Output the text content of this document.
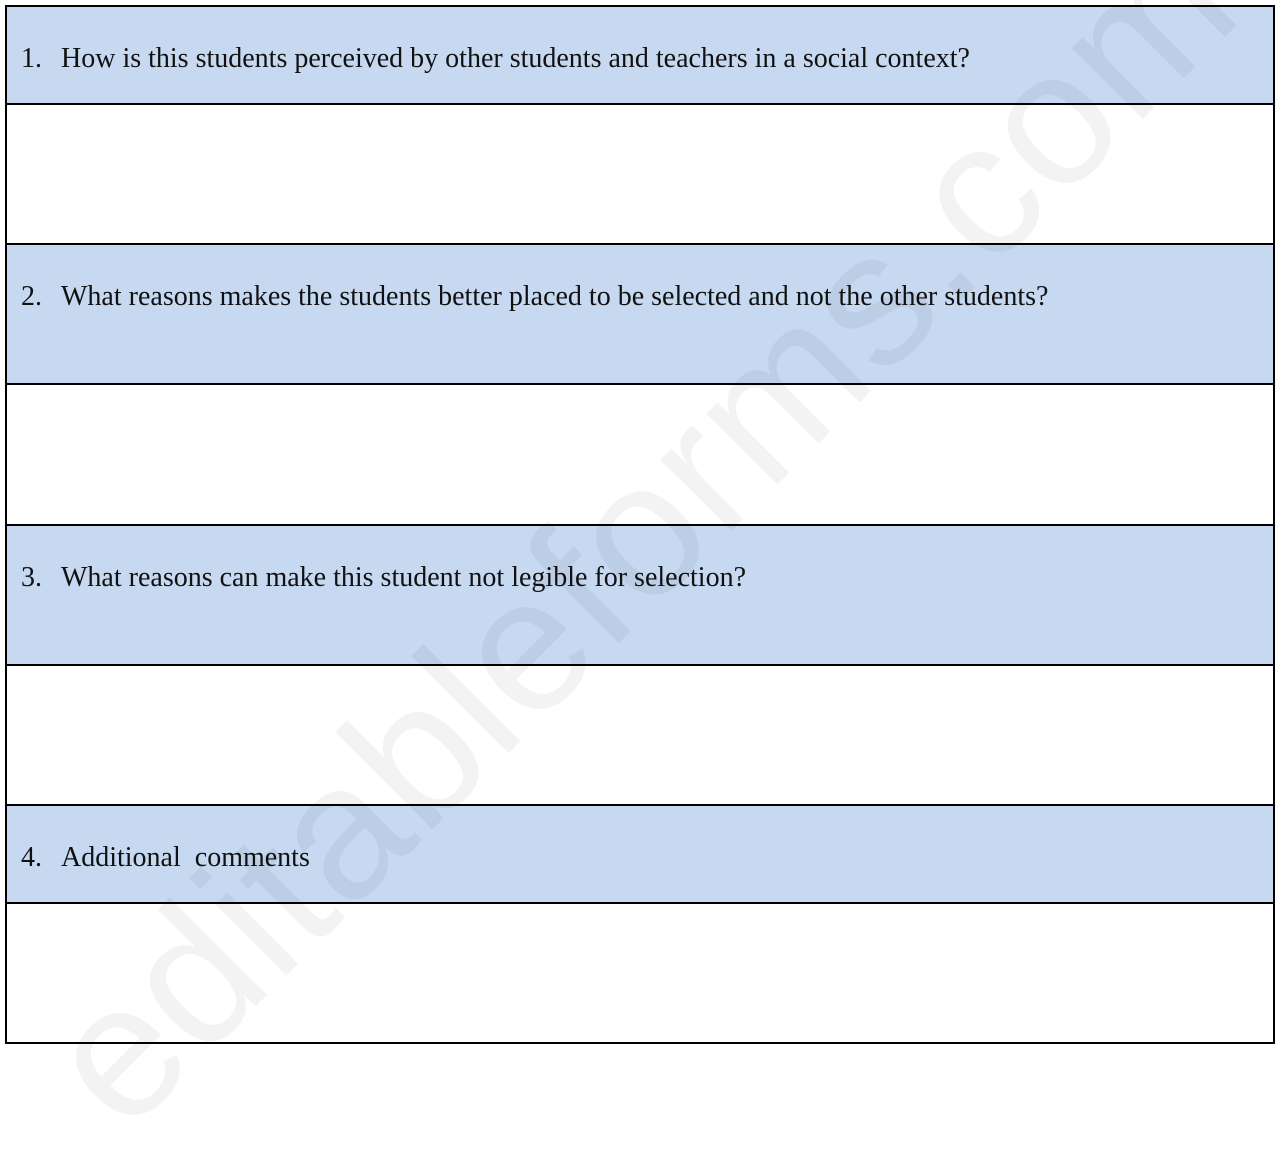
1. How is this students perceived by other students and teachers in a social context?
2. What reasons makes the students better placed to be selected and not the other students?
3. What reasons can make this student not legible for selection?
4. Additional  comments
